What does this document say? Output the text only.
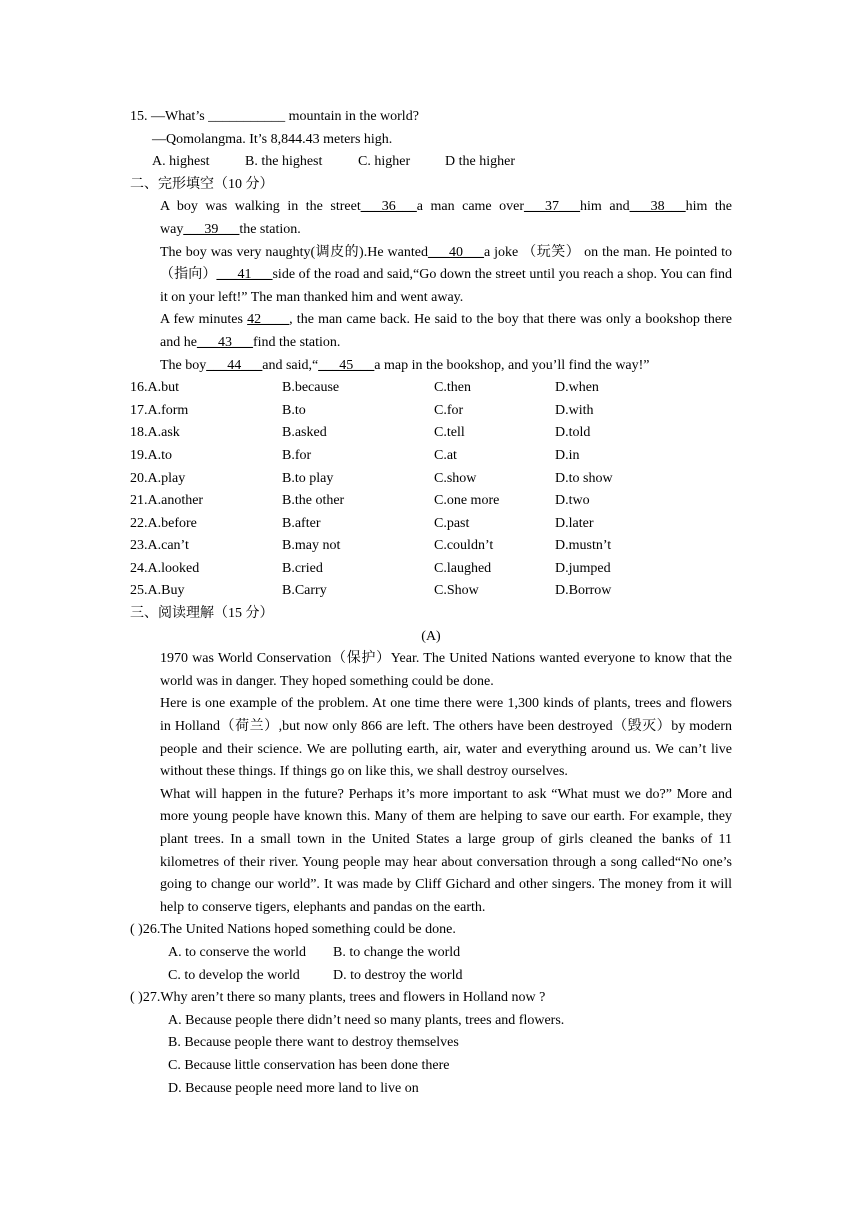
15. —What’s ___________ mountain in the world?
—Qomolangma. It’s 8,844.43 meters high.
A. highest	B. the highest	C. higher D the higher
二、完形填空（10 分）
A boy was walking in the street___36___a man came over___37___him and___38___him the way___39___the station.
The boy was very naughty(调皮的).He wanted___40___a joke （玩笑） on the man. He pointed to（指向）___41___side of the road and said,“Go down the street until you reach a shop. You can find it on your left!” The man thanked him and went away.
A few minutes 42____, the man came back. He said to the boy that there was only a bookshop there and he___43___find the station.
The boy___44___and said,“___45___a map in the bookshop, and you’ll find the way!”
16.A.but	B.because	C.then	D.when
17.A.form	B.to	C.for	D.with
18.A.ask	B.asked	C.tell	D.told
19.A.to	B.for	C.at	D.in
20.A.play	B.to play	C.show	D.to show
21.A.another	B.the other	C.one more	D.two
22.A.before	B.after	C.past	D.later
23.A.can’t	B.may not	C.couldn’t	D.mustn’t
24.A.looked	B.cried	C.laughed	D.jumped
25.A.Buy	B.Carry	C.Show	D.Borrow
三、阅读理解（15 分）
(A)
1970 was World Conservation（保护）Year. The United Nations wanted everyone to know that the world was in danger. They hoped something could be done.
Here is one example of the problem. At one time there were 1,300 kinds of plants, trees and flowers in Holland（荷兰）,but now only 866 are left. The others have been destroyed（毁灭）by modern people and their science. We are polluting earth, air, water and everything around us. We can’t live without these things. If things go on like this, we shall destroy ourselves.
What will happen in the future? Perhaps it’s more important to ask “What must we do?” More and more young people have known this. Many of them are helping to save our earth. For example, they plant trees. In a small town in the United States a large group of girls cleaned the banks of 11 kilometres of their river. Young people may hear about conversation through a song called“No one’s going to change our world”. It was made by Cliff Gichard and other singers. The money from it will help to conserve tigers, elephants and pandas on the earth.
( )26.The United Nations hoped something could be done.
A. to conserve the world B. to change the world
C. to develop the world D. to destroy the world
( )27.Why aren’t there so many plants, trees and flowers in Holland now ?
A. Because people there didn’t need so many plants, trees and flowers.
B. Because people there want to destroy themselves
C. Because little conservation has been done there
D. Because people need more land to live on
